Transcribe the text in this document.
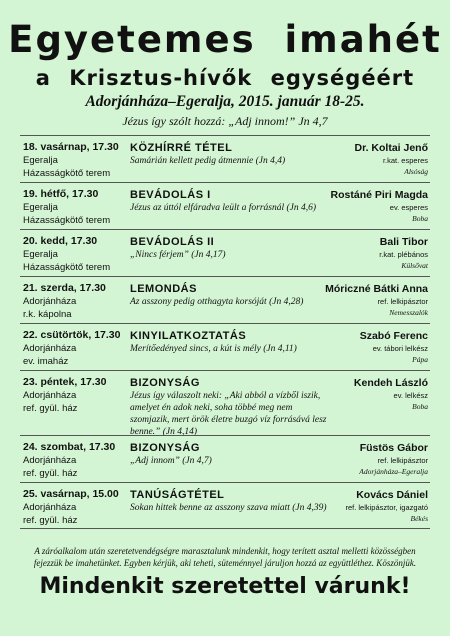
Egyetemes imahét
a Krisztus-hívők egységéért
Adorjánháza–Egeralja, 2015. január 18-25.
Jézus így szólt hozzá: „Adj innom!” Jn 4,7
18. vasárnap, 17.30
Egeralja
Házasságkötő terem
KÖZHÍRRÉ TÉTEL
Samárián kellett pedig átmennie (Jn 4,4)
Dr. Koltai Jenő
r.kat. esperes
Alsóság
19. hétfő, 17.30
Egeralja
Házasságkötő terem
BEVÁDOLÁS I
Jézus az úttól elfáradva leült a forrásnál (Jn 4,6)
Rostáné Piri Magda
ev. esperes
Boba
20. kedd, 17.30
Egeralja
Házasságkötő terem
BEVÁDOLÁS II
„Nincs férjem” (Jn 4,17)
Bali Tibor
r.kat. plébános
Külsővat
21. szerda, 17.30
Adorjánháza
r.k. kápolna
LEMONDÁS
Az asszony pedig otthagyta korsóját (Jn 4,28)
Móriczné Bátki Anna
ref. lelkipásztor
Nemesszalók
22. csütörtök, 17.30
Adorjánháza
ev. imaház
KINYILATKOZTATÁS
Merítőedényed sincs, a kút is mély (Jn 4,11)
Szabó Ferenc
ev. tábori lelkész
Pápa
23. péntek, 17.30
Adorjánháza
ref. gyül. ház
BIZONYSÁG
Jézus így válaszolt neki: „Aki abból a vízből iszik, amelyet én adok neki, soha többé meg nem szomjazik, mert örök életre buzgó víz forrásává lesz benne.” (Jn 4,14)
Kendeh László
ev. lelkész
Boba
24. szombat, 17.30
Adorjánháza
ref. gyül. ház
BIZONYSÁG
„Adj innom” (Jn 4,7)
Füstös Gábor
ref. lelkipásztor
Adorjánháza–Egeralja
25. vasárnap, 15.00
Adorjánháza
ref. gyül. ház
TANÚSÁGTÉTEL
Sokan hittek benne az asszony szava miatt (Jn 4,39)
Kovács Dániel
ref. lelkipásztor, igazgató
Békés
A záróalkalom után szeretetvendégségre marasztalunk mindenkit, hogy terített asztal melletti közösségben fejezzük be imahetünket. Egyben kérjük, aki teheti, süteménnyel járuljon hozzá az együttléthez. Köszönjük.
Mindenkit szeretettel várunk!
